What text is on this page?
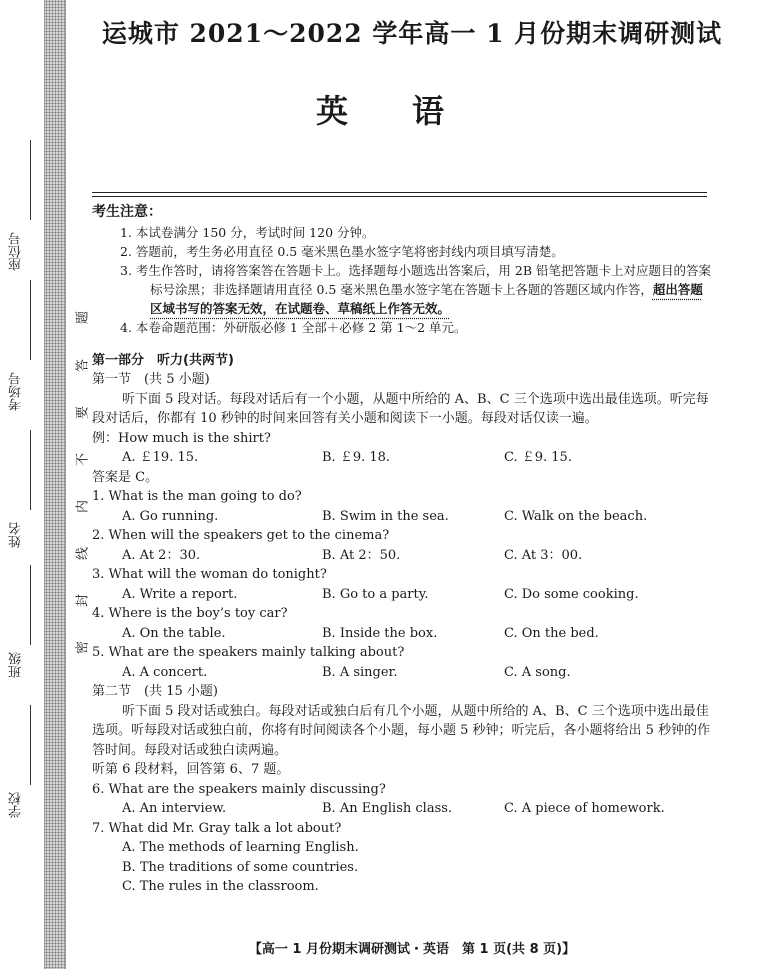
座位号
考场号
姓名
班级
学校
题
答
要
不
内
线
封
密
运城市 2021～2022 学年高一 1 月份期末调研测试
英语
考生注意：
1. 本试卷满分 150 分，考试时间 120 分钟。
2. 答题前，考生务必用直径 0.5 毫米黑色墨水签字笔将密封线内项目填写清楚。
3. 考生作答时，请将答案答在答题卡上。选择题每小题选出答案后，用 2B 铅笔把答题卡上对应题目的答案标号涂黑；非选择题请用直径 0.5 毫米黑色墨水签字笔在答题卡上各题的答题区域内作答，超出答题区域书写的答案无效，在试题卷、草稿纸上作答无效。
4. 本卷命题范围：外研版必修 1 全部＋必修 2 第 1～2 单元。
第一部分　听力(共两节)
第一节　(共 5 小题)
听下面 5 段对话。每段对话后有一个小题，从题中所给的 A、B、C 三个选项中选出最佳选项。听完每段对话后，你都有 10 秒钟的时间来回答有关小题和阅读下一小题。每段对话仅读一遍。
例：How much is the shirt?
A. ￡19. 15.	B. ￡9. 18.	C. ￡9. 15.
答案是 C。
1. What is the man going to do?
A. Go running.	B. Swim in the sea.	C. Walk on the beach.
2. When will the speakers get to the cinema?
A. At 2：30.	B. At 2：50.	C. At 3：00.
3. What will the woman do tonight?
A. Write a report.	B. Go to a party.	C. Do some cooking.
4. Where is the boy’s toy car?
A. On the table.	B. Inside the box.	C. On the bed.
5. What are the speakers mainly talking about?
A. A concert.	B. A singer.	C. A song.
第二节　(共 15 小题)
听下面 5 段对话或独白。每段对话或独白后有几个小题，从题中所给的 A、B、C 三个选项中选出最佳选项。听每段对话或独白前，你将有时间阅读各个小题，每小题 5 秒钟；听完后，各小题将给出 5 秒钟的作答时间。每段对话或独白读两遍。
听第 6 段材料，回答第 6、7 题。
6. What are the speakers mainly discussing?
A. An interview.	B. An English class.	C. A piece of homework.
7. What did Mr. Gray talk a lot about?
A. The methods of learning English.
B. The traditions of some countries.
C. The rules in the classroom.
【高一 1 月份期末调研测试・英语　第 1 页(共 8 页)】
